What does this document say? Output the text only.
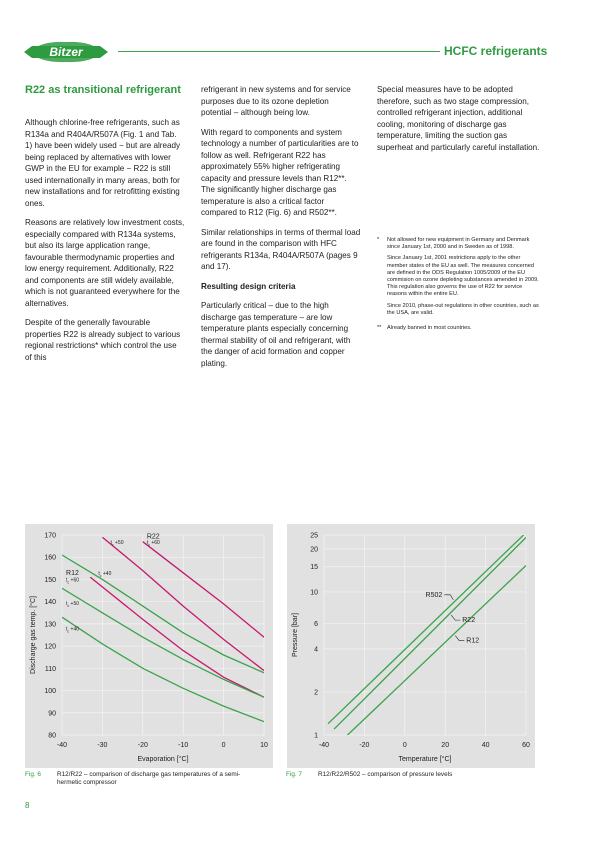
Bitzer	HCFC refrigerants
R22 as transitional refrigerant

Although chlorine-free refrigerants, such as R134a and R404A/R507A (Fig. 1 and Tab. 1) have been widely used − but are already being replaced by alternatives with lower GWP in the EU for example − R22 is still used internationally in many areas, both for new installations and for retrofitting existing ones.

Reasons are relatively low investment costs, especially compared with R134a systems, but also its large application range, favourable thermodynamic properties and low energy requirement. Additionally, R22 and components are still widely available, which is not guaranteed everywhere for the alternatives.

Despite of the generally favourable properties R22 is already subject to various regional restrictions* which control the use of this

refrigerant in new systems and for service purposes due to its ozone depletion potential – although being low.

With regard to components and system technology a number of particularities are to follow as well. Refrigerant R22 has approximately 55% higher refrigerating capacity and pressure levels than R12**. The significantly higher discharge gas temperature is also a critical factor compared to R12 (Fig. 6) and R502**.

Similar relationships in terms of thermal load are found in the comparison with HFC refrigerants R134a, R404A/R507A (pages 9 and 17).

Resulting design criteria

Particularly critical – due to the high discharge gas temperature – are low temperature plants especially concerning thermal stability of oil and refrigerant, with the danger of acid formation and copper plating.

Special measures have to be adopted therefore, such as two stage compression, controlled refrigerant injection, additional cooling, monitoring of discharge gas temperature, limiting the suction gas superheat and particularly careful installation.

*	Not allowed for new equipment in Germany and Denmark since January 1st, 2000 and in Sweden as of 1998.

Since January 1st, 2001 restrictions apply to the other member states of the EU as well. The measures concerned are defined in the ODS Regulation 1005/2009 of the EU commision on ozone depleting substances amended in 2009. This regulation also governs the use of R22 for service reasons within the entire EU.

Since 2010, phase-out regulations in other countries, such as the USA, are valid.

**	Already banned in most countries.

-40	-30	-20	-10	0	10
80
90
100
110
120
130
140
150
160
170
Evaporation [°C]
Discharge gas temp. [°C]
R22
$t_c +60$
$t_c +50$
$t_c +40$
R12
$t_c +60$
$t_c +50$
$t_c +40$
-40	-20	0	20	40	60
1
2
4
6
10
15
20
25
Temperature [°C]
Pressure [bar]
R502
R22
R12
Fig. 6	R12/R22 – comparison of discharge gas temperatures of a semi-hermetic compressor
Fig. 7	R12/R22/R502 – comparison of pressure levels
8
